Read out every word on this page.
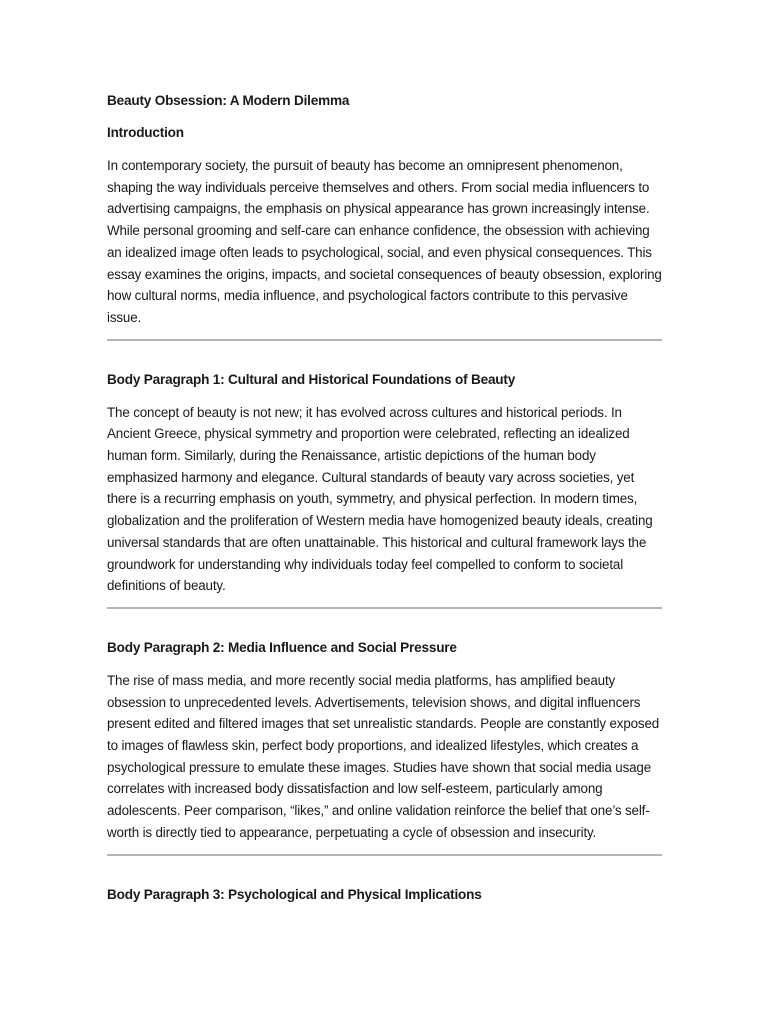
Beauty Obsession: A Modern Dilemma
Introduction

In contemporary society, the pursuit of beauty has become an omnipresent phenomenon, shaping the way individuals perceive themselves and others. From social media influencers to advertising campaigns, the emphasis on physical appearance has grown increasingly intense. While personal grooming and self-care can enhance confidence, the obsession with achieving an idealized image often leads to psychological, social, and even physical consequences. This essay examines the origins, impacts, and societal consequences of beauty obsession, exploring how cultural norms, media influence, and psychological factors contribute to this pervasive issue.

Body Paragraph 1: Cultural and Historical Foundations of Beauty

The concept of beauty is not new; it has evolved across cultures and historical periods. In Ancient Greece, physical symmetry and proportion were celebrated, reflecting an idealized human form. Similarly, during the Renaissance, artistic depictions of the human body emphasized harmony and elegance. Cultural standards of beauty vary across societies, yet there is a recurring emphasis on youth, symmetry, and physical perfection. In modern times, globalization and the proliferation of Western media have homogenized beauty ideals, creating universal standards that are often unattainable. This historical and cultural framework lays the groundwork for understanding why individuals today feel compelled to conform to societal definitions of beauty.

Body Paragraph 2: Media Influence and Social Pressure

The rise of mass media, and more recently social media platforms, has amplified beauty obsession to unprecedented levels. Advertisements, television shows, and digital influencers present edited and filtered images that set unrealistic standards. People are constantly exposed to images of flawless skin, perfect body proportions, and idealized lifestyles, which creates a psychological pressure to emulate these images. Studies have shown that social media usage correlates with increased body dissatisfaction and low self-esteem, particularly among adolescents. Peer comparison, “likes,” and online validation reinforce the belief that one’s self-worth is directly tied to appearance, perpetuating a cycle of obsession and insecurity.

Body Paragraph 3: Psychological and Physical Implications
